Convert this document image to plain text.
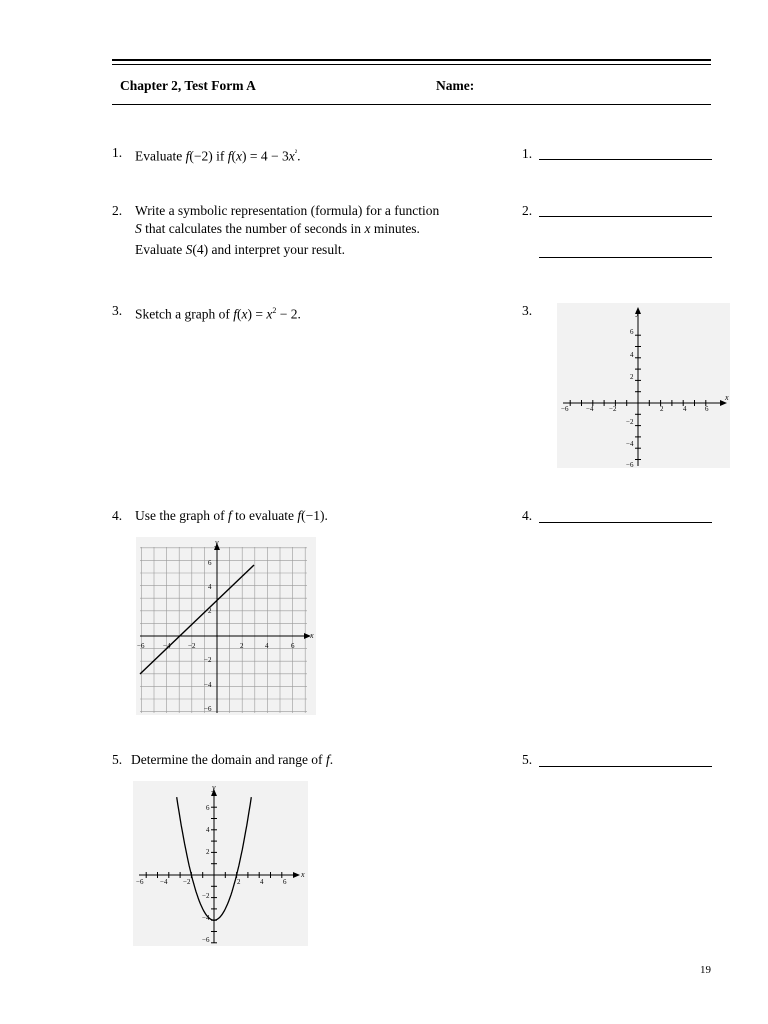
Chapter 2, Test Form A	Name:
1. Evaluate f(−2) if $f(x) = 4 - 3x^{^2}$.	1.
2. Write a symbolic representation (formula) for a function
S that calculates the number of seconds in x minutes.
Evaluate S(4) and interpret your result.
2.
3. Sketch a graph of $f(x) = x^2 - 2$.	3.
x
y
2	4	6
−2
−4
−6
2
4
6
−2
−4
−6
4. Use the graph of f to evaluate f(−1).	4.
x
y
2	4	6
−2
−4
−6
2
4
6
−2
−4
−6
5. Determine the domain and range of f.	5.
x
y
2	4	6
−2
−4
−6
2
4
6
−2
−4
−6
19
